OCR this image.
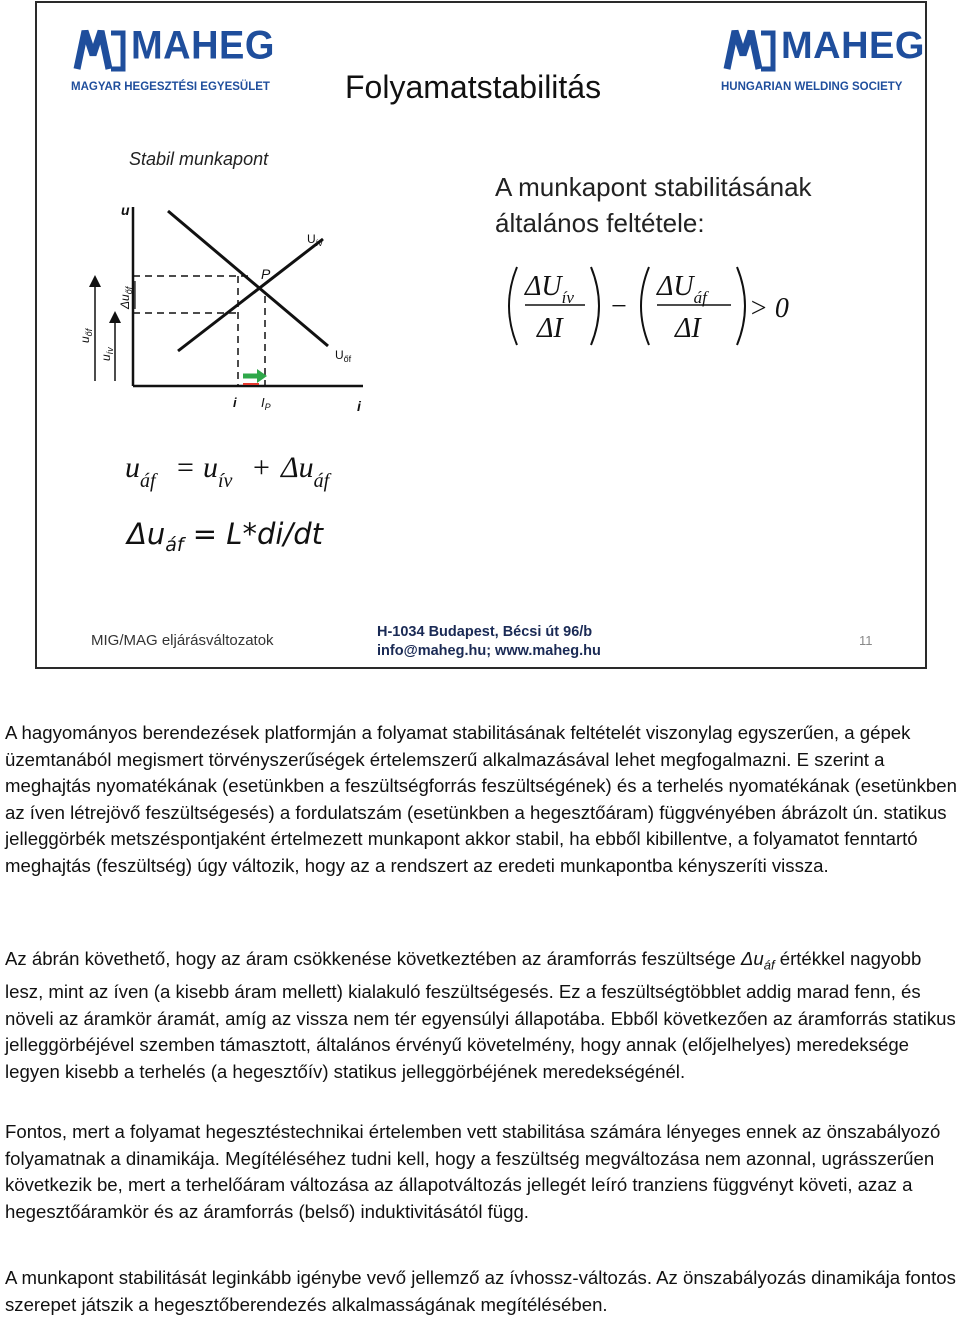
MAHEG
MAGYAR HEGESZTÉSI EGYESÜLET
MAHEG
HUNGARIAN WELDING SOCIETY
Folyamatstabilitás
Stabil munkapont
u
i
$U_{ív}$
$U_{őf}$
P
$u_{őf}$
$u_{ív}$
$\Delta u_{őf}$
i $I_P$
A munkapont stabilitásának
általános feltétele:
$\Delta U_{ív}$
ΔI
−
$\Delta U_{áf}$
ΔI
> 0
$u_{áf} = u_{ív} + \Delta u_{áf}$
$\Delta u_{áf} = L*di/dt$
MIG/MAG eljárásváltozatok	H-1034 Budapest, Bécsi út 96/b
info@maheg.hu; www.maheg.hu
11

A hagyományos berendezések platformján a folyamat stabilitásának feltételét viszonylag egyszerűen, a gépek üzemtanából megismert törvényszerűségek értelemszerű alkalmazásával lehet megfogalmazni. E szerint a meghajtás nyomatékának (esetünkben a feszültségforrás feszültségének) és a terhelés nyomatékának (esetünkben az íven létrejövő feszültségesés) a fordulatszám (esetünkben a hegesztőáram) függvényében ábrázolt ún. statikus jelleggörbék metszéspontjaként értelmezett munkapont akkor stabil, ha ebből kibillentve, a folyamatot fenntartó meghajtás (feszültség) úgy változik, hogy az a rendszert az eredeti munkapontba kényszeríti vissza.

Az ábrán követhető, hogy az áram csökkenése következtében az áramforrás feszültsége $\Delta u_{áf}$ értékkel nagyobb lesz, mint az íven (a kisebb áram mellett) kialakuló feszültségesés. Ez a feszültségtöbblet addig marad fenn, és növeli az áramkör áramát, amíg az vissza nem tér egyensúlyi állapotába. Ebből következően az áramforrás statikus jelleggörbéjével szemben támasztott, általános érvényű követelmény, hogy annak (előjelhelyes) meredeksége legyen kisebb a terhelés (a hegesztőív) statikus jelleggörbéjének meredekségénél.

Fontos, mert a folyamat hegesztéstechnikai értelemben vett stabilitása számára lényeges ennek az önszabályozó folyamatnak a dinamikája. Megítéléséhez tudni kell, hogy a feszültség megváltozása nem azonnal, ugrásszerűen következik be, mert a terhelőáram változása az állapotváltozás jellegét leíró tranziens függvényt követi, azaz a hegesztőáramkör és az áramforrás (belső) induktivitásától függ.

A munkapont stabilitását leginkább igénybe vevő jellemző az ívhossz-változás. Az önszabályozás dinamikája fontos szerepet játszik a hegesztőberendezés alkalmasságának megítélésében.
